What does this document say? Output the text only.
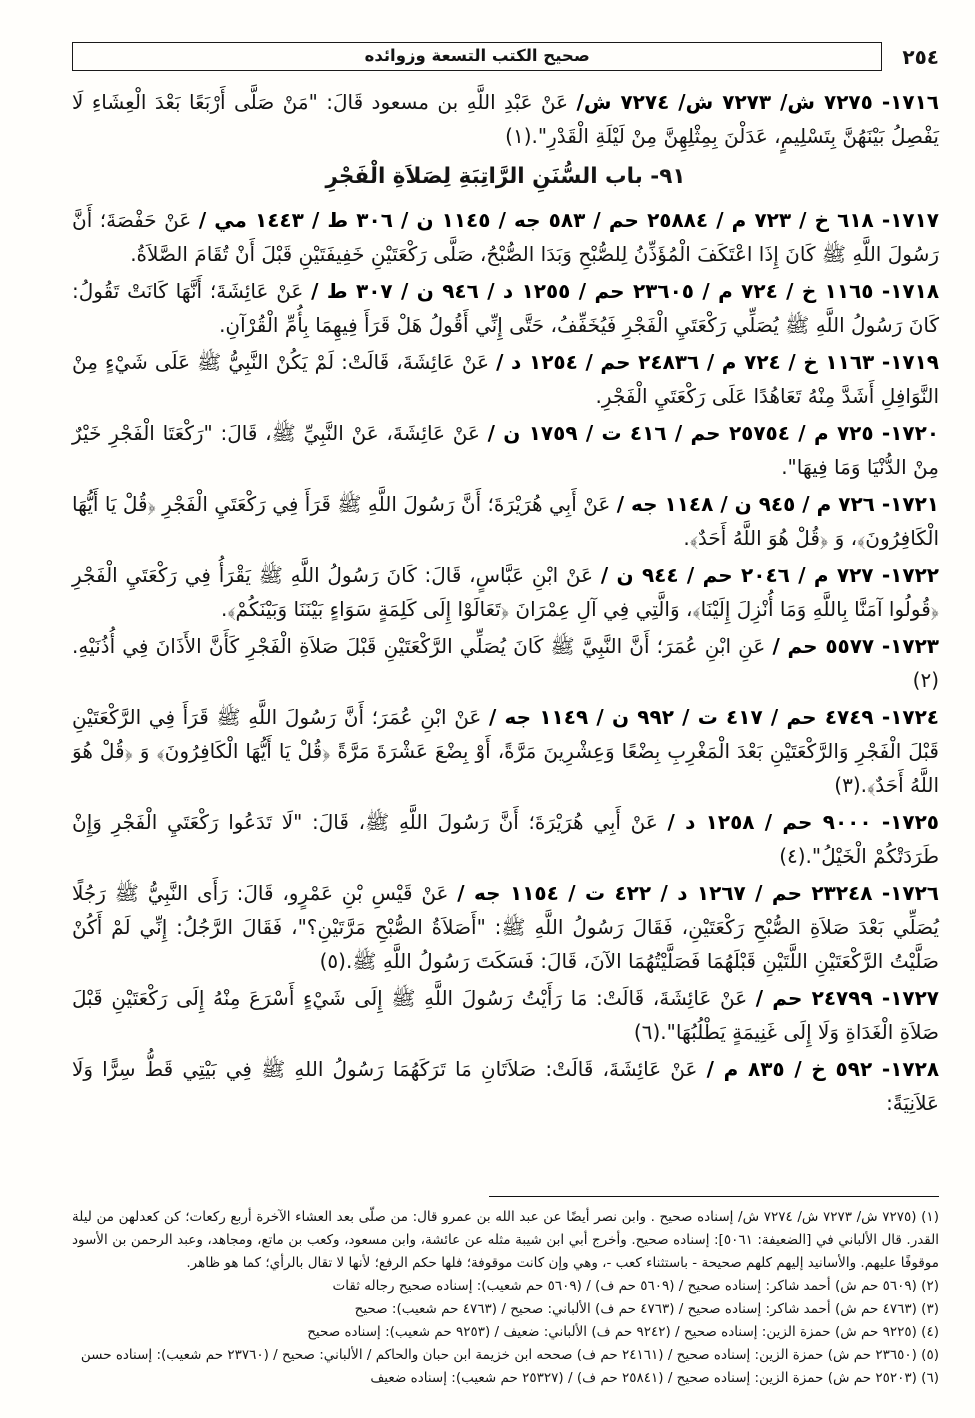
٢٥٤
صحيح الكتب التسعة وزوائده

١٧١٦- ٧٢٧٥ ش/ ٧٢٧٣ ش/ ٧٢٧٤ ش/ عَنْ عَبْدِ اللَّهِ بن مسعود قَالَ: "مَنْ صَلَّى أَرْبَعًا بَعْدَ الْعِشَاءِ لَا يَفْصِلُ بَيْنَهُنَّ بِتَسْلِيمٍ، عَدَلْنَ بِمِثْلِهِنَّ مِنْ لَيْلَةِ الْقَدْرِ".(١)

٩١- باب السُّنَنِ الرَّاتِبَةِ لِصَلاَةِ الْفَجْرِ

١٧١٧- ٦١٨ خ / ٧٢٣ م / ٢٥٨٨٤ حم / ٥٨٣ جه / ١١٤٥ ن / ٣٠٦ ط / ١٤٤٣ مي / عَنْ حَفْصَةَ؛ أَنَّ رَسُولَ اللَّهِ ﷺ كَانَ إِذَا اعْتَكَفَ الْمُؤَذِّنُ لِلصُّبْحِ وَبَدَا الصُّبْحُ، صَلَّى رَكْعَتَيْنِ خَفِيفَتَيْنِ قَبْلَ أَنْ تُقَامَ الصَّلاَةُ.

١٧١٨- ١١٦٥ خ / ٧٢٤ م / ٢٣٦٠٥ حم / ١٢٥٥ د / ٩٤٦ ن / ٣٠٧ ط / عَنْ عَائِشَةَ؛ أَنَّهَا كَانَتْ تَقُولُ: كَانَ رَسُولُ اللَّهِ ﷺ يُصَلِّي رَكْعَتَيِ الْفَجْرِ فَيُخَفِّفُ، حَتَّى إِنِّي أَقُولُ هَلْ قَرَأَ فِيهِمَا بِأُمِّ الْقُرْآنِ.

١٧١٩- ١١٦٣ خ / ٧٢٤ م / ٢٤٨٣٦ حم / ١٢٥٤ د / عَنْ عَائِشَةَ، قَالَتْ: لَمْ يَكُنْ النَّبِيُّ ﷺ عَلَى شَيْءٍ مِنْ النَّوَافِلِ أَشَدَّ مِنْهُ تَعَاهُدًا عَلَى رَكْعَتَيِ الْفَجْرِ.

١٧٢٠- ٧٢٥ م / ٢٥٧٥٤ حم / ٤١٦ ت / ١٧٥٩ ن / عَنْ عَائِشَةَ، عَنْ النَّبِيِّ ﷺ، قَالَ: "رَكْعَتَا الْفَجْرِ خَيْرٌ مِنْ الدُّنْيَا وَمَا فِيهَا".

١٧٢١- ٧٢٦ م / ٩٤٥ ن / ١١٤٨ جه / عَنْ أَبِي هُرَيْرَةَ؛ أَنَّ رَسُولَ اللَّهِ ﷺ قَرَأَ فِي رَكْعَتَيِ الْفَجْرِ ﴿قُلْ يَا أَيُّهَا الْكَافِرُونَ﴾، وَ ﴿قُلْ هُوَ اللَّهُ أَحَدٌ﴾.

١٧٢٢- ٧٢٧ م / ٢٠٤٦ حم / ٩٤٤ ن / عَنْ ابْنِ عَبَّاسٍ، قَالَ: كَانَ رَسُولُ اللَّهِ ﷺ يَقْرَأُ فِي رَكْعَتَيِ الْفَجْرِ ﴿قُولُوا آمَنَّا بِاللَّهِ وَمَا أُنْزِلَ إِلَيْنَا﴾، وَالَّتِي فِي آلِ عِمْرَانَ ﴿تَعَالَوْا إِلَى كَلِمَةٍ سَوَاءٍ بَيْنَنَا وَبَيْنَكُمْ﴾.

١٧٢٣- ٥٥٧٧ حم / عَنِ ابْنِ عُمَرَ؛ أَنَّ النَّبِيَّ ﷺ كَانَ يُصَلِّي الرَّكْعَتَيْنِ قَبْلَ صَلاَةِ الْفَجْرِ كَأَنَّ الأَذَانَ فِي أُذُنَيْهِ.(٢)

١٧٢٤- ٤٧٤٩ حم / ٤١٧ ت / ٩٩٢ ن / ١١٤٩ جه / عَنْ ابْنِ عُمَرَ؛ أَنَّ رَسُولَ اللَّهِ ﷺ قَرَأَ فِي الرَّكْعَتَيْنِ قَبْلَ الْفَجْرِ وَالرَّكْعَتَيْنِ بَعْدَ الْمَغْرِبِ بِضْعًا وَعِشْرِينَ مَرَّةً، أَوْ بِضْعَ عَشْرَةَ مَرَّةً ﴿قُلْ يَا أَيُّهَا الْكَافِرُونَ﴾ وَ ﴿قُلْ هُوَ اللَّهُ أَحَدٌ﴾.(٣)

١٧٢٥- ٩٠٠٠ حم / ١٢٥٨ د / عَنْ أَبِي هُرَيْرَةَ؛ أَنَّ رَسُولَ اللَّهِ ﷺ، قَالَ: "لَا تَدَعُوا رَكْعَتَيِ الْفَجْرِ وَإِنْ طَرَدَتْكُمْ الْخَيْلُ".(٤)

١٧٢٦- ٢٣٢٤٨ حم / ١٢٦٧ د / ٤٢٢ ت / ١١٥٤ جه / عَنْ قَيْسِ بْنِ عَمْرٍو، قَالَ: رَأَى النَّبِيُّ ﷺ رَجُلًا يُصَلِّي بَعْدَ صَلاَةِ الصُّبْحِ رَكْعَتَيْنِ، فَقَالَ رَسُولُ اللَّهِ ﷺ: "أَصَلاَةُ الصُّبْحِ مَرَّتَيْنِ؟"، فَقَالَ الرَّجُلُ: إِنِّي لَمْ أَكُنْ صَلَّيْتُ الرَّكْعَتَيْنِ اللَّتَيْنِ قَبْلَهُمَا فَصَلَّيْتُهُمَا الآنَ، قَالَ: فَسَكَتَ رَسُولُ اللَّهِ ﷺ.(٥)

١٧٢٧- ٢٤٧٩٩ حم / عَنْ عَائِشَةَ، قَالَتْ: مَا رَأَيْتُ رَسُولَ اللَّهِ ﷺ إِلَى شَيْءٍ أَسْرَعَ مِنْهُ إِلَى رَكْعَتَيْنِ قَبْلَ صَلاَةِ الْغَدَاةِ وَلَا إِلَى غَنِيمَةٍ يَطْلُبُهَا".(٦)

١٧٢٨- ٥٩٢ خ / ٨٣٥ م / عَنْ عَائِشَةَ، قَالَتْ: صَلاَتَانِ مَا تَرَكَهُمَا رَسُولُ اللهِ ﷺ فِي بَيْتِي قَطُّ سِرًّا وَلَا عَلاَنِيَةً:

(١) (٧٢٧٥ ش/ ٧٢٧٣ ش/ ٧٢٧٤ ش/ إسناده صحيح . وابن نصر أيضًا عن عبد الله بن عمرو قال: من صلّى بعد العشاء الآخرة أربع ركعات؛ كن كعدلهن من ليلة القدر. قال الألباني في [الضعيفة: ٥٠٦١]: إسناده صحيح. وأخرج أبي ابن شيبة مثله عن عائشة، وابن مسعود، وكعب بن ماتع، ومجاهد، وعبد الرحمن بن الأسود موقوفًا عليهم. والأسانيد إليهم كلهم صحيحة - باستثناء كعب -، وهي وإن كانت موقوفة؛ فلها حكم الرفع؛ لأنها لا تقال بالرأي؛ كما هو ظاهر.

(٢) (٥٦٠٩ حم ش) أحمد شاكر: إسناده صحيح / (٥٦٠٩ حم ف) / (٥٦٠٩ حم شعيب): إسناده صحيح رجاله ثقات

(٣) (٤٧٦٣ حم ش) أحمد شاكر: إسناده صحيح / (٤٧٦٣ حم ف) الألباني: صحيح / (٤٧٦٣ حم شعيب): صحيح

(٤) (٩٢٢٥ حم ش) حمزة الزين: إسناده صحيح / (٩٢٤٢ حم ف) الألباني: ضعيف / (٩٢٥٣ حم شعيب): إسناده صحيح

(٥) (٢٣٦٥٠ حم ش) حمزة الزين: إسناده صحيح / (٢٤١٦١ حم ف) صححه ابن خزيمة ابن حبان والحاكم / الألباني: صحيح / (٢٣٧٦٠ حم شعيب): إسناده حسن

(٦) (٢٥٢٠٣ حم ش) حمزة الزين: إسناده صحيح / (٢٥٨٤١ حم ف) / (٢٥٣٢٧ حم شعيب): إسناده ضعيف
